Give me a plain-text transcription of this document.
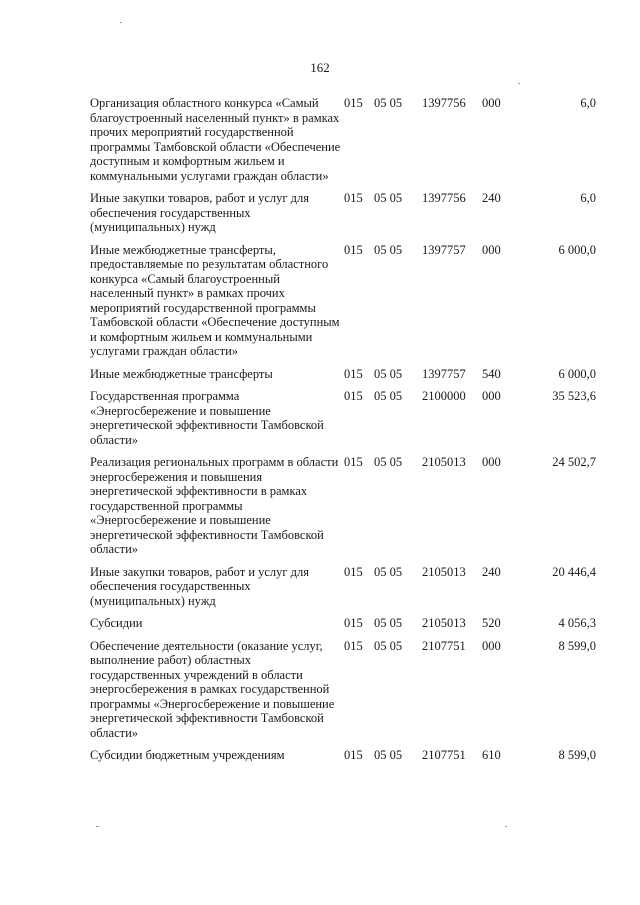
162
Организация областного конкурса «Самый благоустроенный населенный пункт» в рамках прочих мероприятий государственной программы Тамбовской области «Обеспечение доступным и комфортным жильем и коммунальными услугами граждан области»	015	05 05	1397756	000	6,0
Иные закупки товаров, работ и услуг для обеспечения государственных (муниципальных) нужд	015	05 05	1397756	240	6,0
Иные межбюджетные трансферты, предоставляемые по результатам областного конкурса «Самый благоустроенный населенный пункт» в рамках прочих мероприятий государственной программы Тамбовской области «Обеспечение доступным и комфортным жильем и коммунальными услугами граждан области»	015	05 05	1397757	000	6 000,0
Иные межбюджетные трансферты	015	05 05	1397757	540	6 000,0
Государственная программа «Энергосбережение и повышение энергетической эффективности Тамбовской области»	015	05 05	2100000	000	35 523,6
Реализация региональных программ в области энергосбережения и повышения энергетической эффективности в рамках государственной программы «Энергосбережение и повышение энергетической эффективности Тамбовской области»	015	05 05	2105013	000	24 502,7
Иные закупки товаров, работ и услуг для обеспечения государственных (муниципальных) нужд	015	05 05	2105013	240	20 446,4
Субсидии	015	05 05	2105013	520	4 056,3
Обеспечение деятельности (оказание услуг, выполнение работ) областных государственных учреждений в области энергосбережения в рамках государственной программы «Энергосбережение и повышение энергетической эффективности Тамбовской области»	015	05 05	2107751	000	8 599,0
Субсидии бюджетным учреждениям	015	05 05	2107751	610	8 599,0
